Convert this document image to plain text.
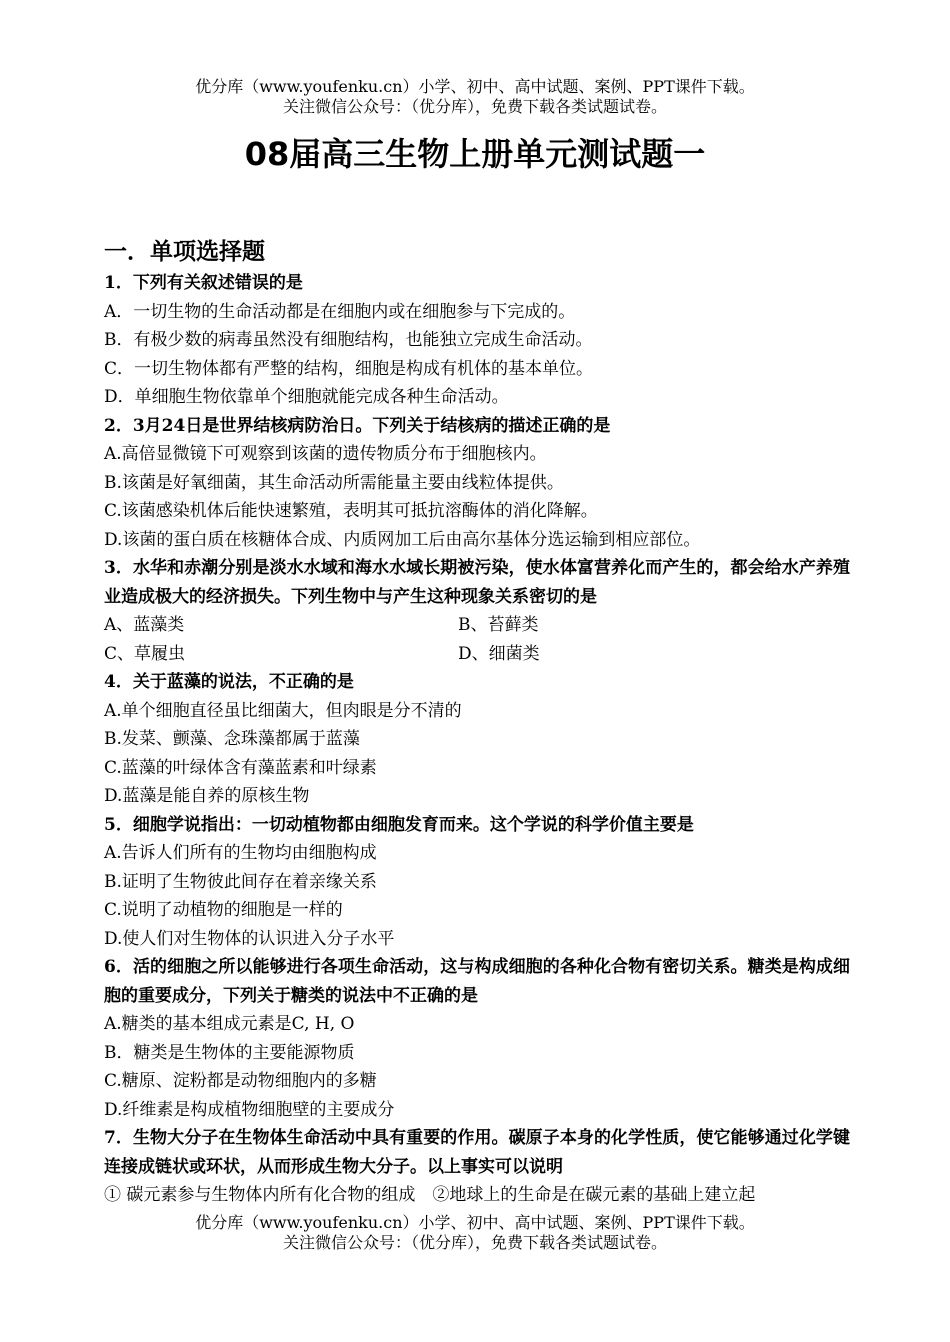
优分库（www.youfenku.cn）小学、初中、高中试题、案例、PPT课件下载。
关注微信公众号：（优分库），免费下载各类试题试卷。
08届高三生物上册单元测试题一
一．单项选择题
1．下列有关叙述错误的是
A．一切生物的生命活动都是在细胞内或在细胞参与下完成的。
B．有极少数的病毒虽然没有细胞结构，也能独立完成生命活动。
C．一切生物体都有严整的结构，细胞是构成有机体的基本单位。
D．单细胞生物依靠单个细胞就能完成各种生命活动。
2．3月24日是世界结核病防治日。下列关于结核病的描述正确的是
A.高倍显微镜下可观察到该菌的遗传物质分布于细胞核内。
B.该菌是好氧细菌，其生命活动所需能量主要由线粒体提供。
C.该菌感染机体后能快速繁殖，表明其可抵抗溶酶体的消化降解。
D.该菌的蛋白质在核糖体合成、内质网加工后由高尔基体分选运输到相应部位。
3．水华和赤潮分别是淡水水域和海水水域长期被污染，使水体富营养化而产生的，都会给水产养殖业造成极大的经济损失。下列生物中与产生这种现象关系密切的是
A、蓝藻类	B、苔藓类
C、草履虫	D、细菌类
4．关于蓝藻的说法，不正确的是
A.单个细胞直径虽比细菌大，但肉眼是分不清的
B.发菜、颤藻、念珠藻都属于蓝藻
C.蓝藻的叶绿体含有藻蓝素和叶绿素
D.蓝藻是能自养的原核生物
5．细胞学说指出：一切动植物都由细胞发育而来。这个学说的科学价值主要是
A.告诉人们所有的生物均由细胞构成
B.证明了生物彼此间存在着亲缘关系
C.说明了动植物的细胞是一样的
D.使人们对生物体的认识进入分子水平
6．活的细胞之所以能够进行各项生命活动，这与构成细胞的各种化合物有密切关系。糖类是构成细胞的重要成分，下列关于糖类的说法中不正确的是
A.糖类的基本组成元素是C, H, O
B．糖类是生物体的主要能源物质
C.糖原、淀粉都是动物细胞内的多糖
D.纤维素是构成植物细胞壁的主要成分
7．生物大分子在生物体生命活动中具有重要的作用。碳原子本身的化学性质，使它能够通过化学键连接成链状或环状，从而形成生物大分子。以上事实可以说明
① 碳元素参与生物体内所有化合物的组成　②地球上的生命是在碳元素的基础上建立起
优分库（www.youfenku.cn）小学、初中、高中试题、案例、PPT课件下载。
关注微信公众号：（优分库），免费下载各类试题试卷。
